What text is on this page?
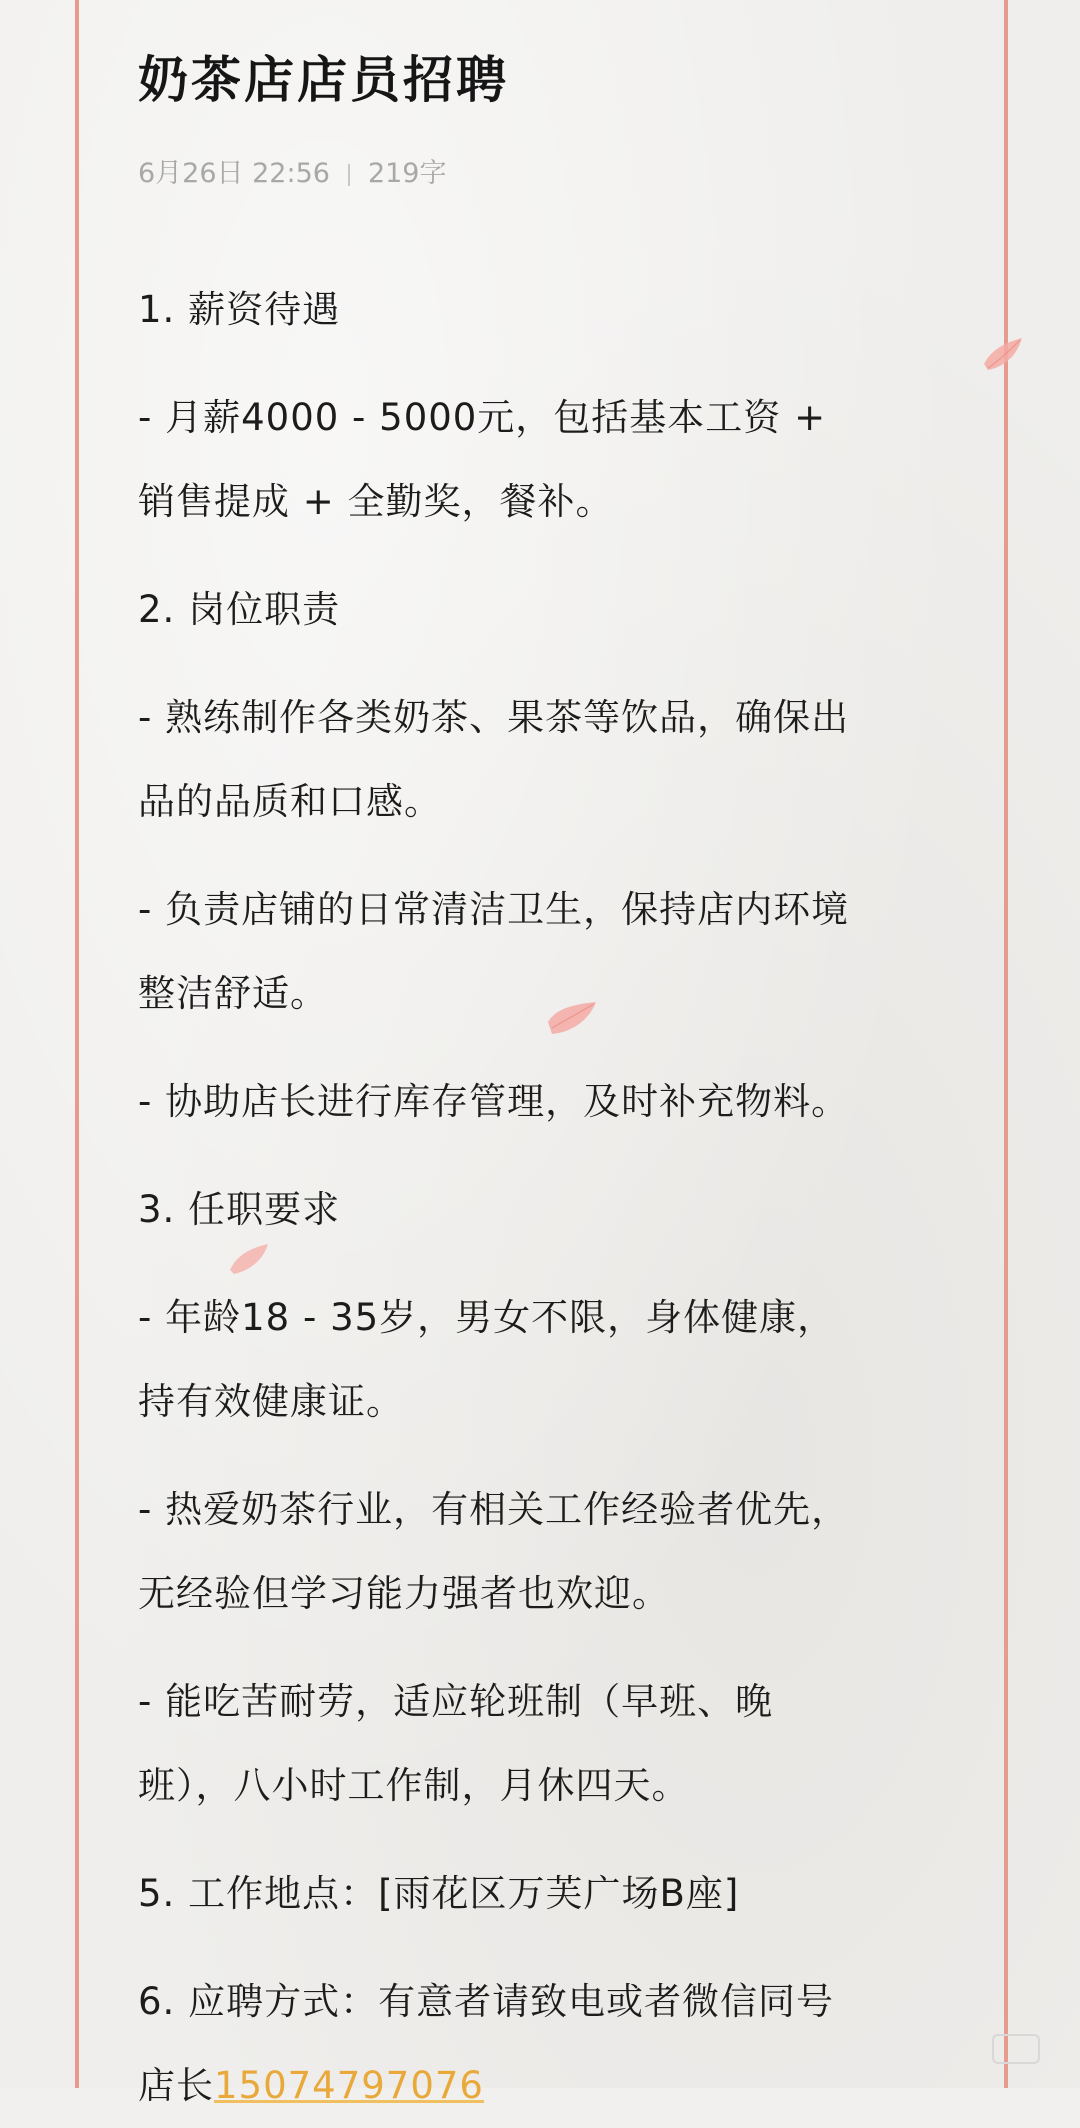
奶茶店店员招聘
6月26日 22:56 219字

1. 薪资待遇

- 月薪4000 - 5000元，包括基本工资 +
销售提成 + 全勤奖，餐补。

2. 岗位职责

- 熟练制作各类奶茶、果茶等饮品，确保出
品的品质和口感。

- 负责店铺的日常清洁卫生，保持店内环境
整洁舒适。

- 协助店长进行库存管理，及时补充物料。

3. 任职要求

- 年龄18 - 35岁，男女不限，身体健康，
持有效健康证。

- 热爱奶茶行业，有相关工作经验者优先，
无经验但学习能力强者也欢迎。

- 能吃苦耐劳，适应轮班制（早班、晚
班），八小时工作制，月休四天。

5. 工作地点：[雨花区万芙广场B座]

6. 应聘方式：有意者请致电或者微信同号

店长15074797076
